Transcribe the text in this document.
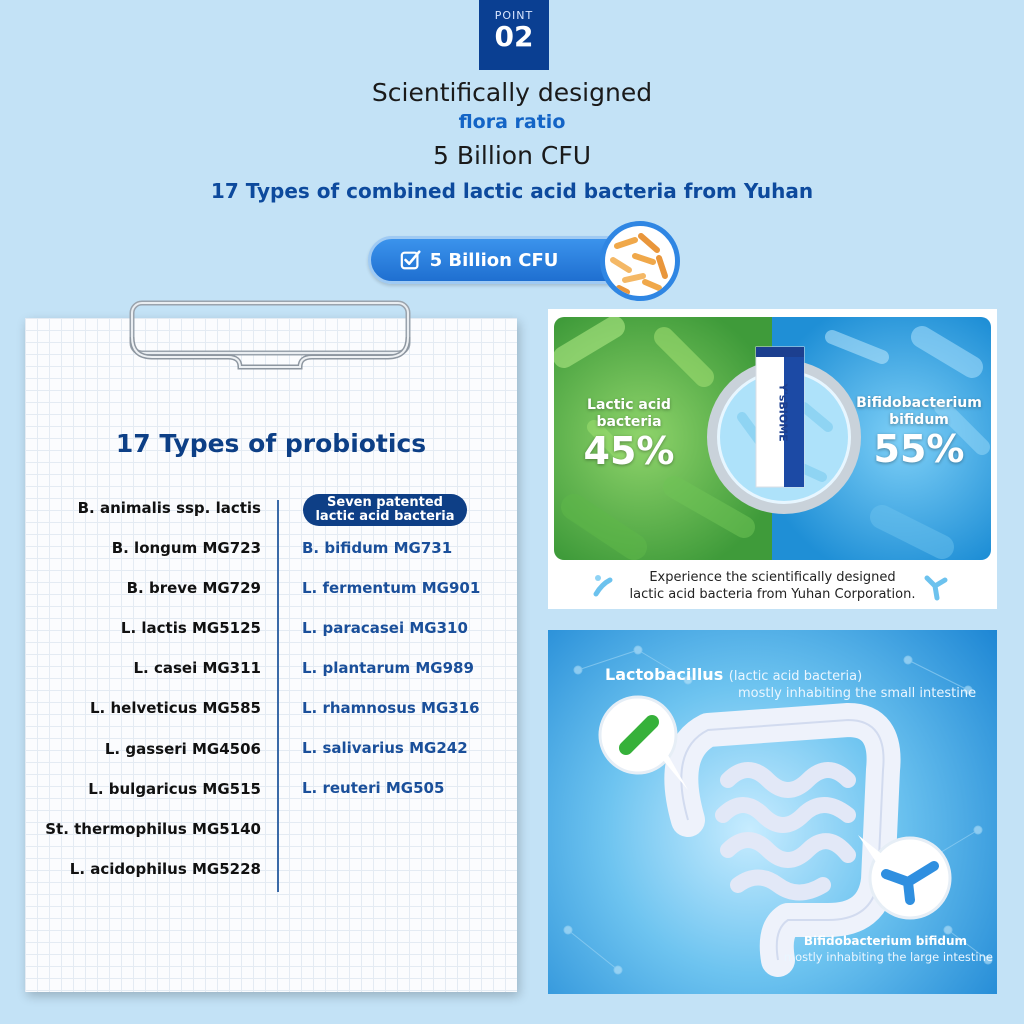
POINT
02
Scientifically designed
flora ratio
5 Billion CFU
17 Types of combined lactic acid bacteria from Yuhan
5 Billion CFU
17 Types of probiotics
B. animalis ssp. lactis
B. longum MG723
B. breve MG729
L. lactis MG5125
L. casei MG311
L. helveticus MG585
L. gasseri MG4506
L. bulgaricus MG515
St. thermophilus MG5140
L. acidophilus MG5228
Seven patented
lactic acid bacteria
B. bifidum MG731
L. fermentum MG901
L. paracasei MG310
L. plantarum MG989
L. rhamnosus MG316
L. salivarius MG242
L. reuteri MG505
Y'sBIOME
Lactic acid
bacteria
45%
Bifidobacterium
bifidum
55%
Experience the scientifically designed
lactic acid bacteria from Yuhan Corporation.
Lactobacillus (lactic acid bacteria)
mostly inhabiting the small intestine
Bifidobacterium bifidum
mostly inhabiting the large intestine
